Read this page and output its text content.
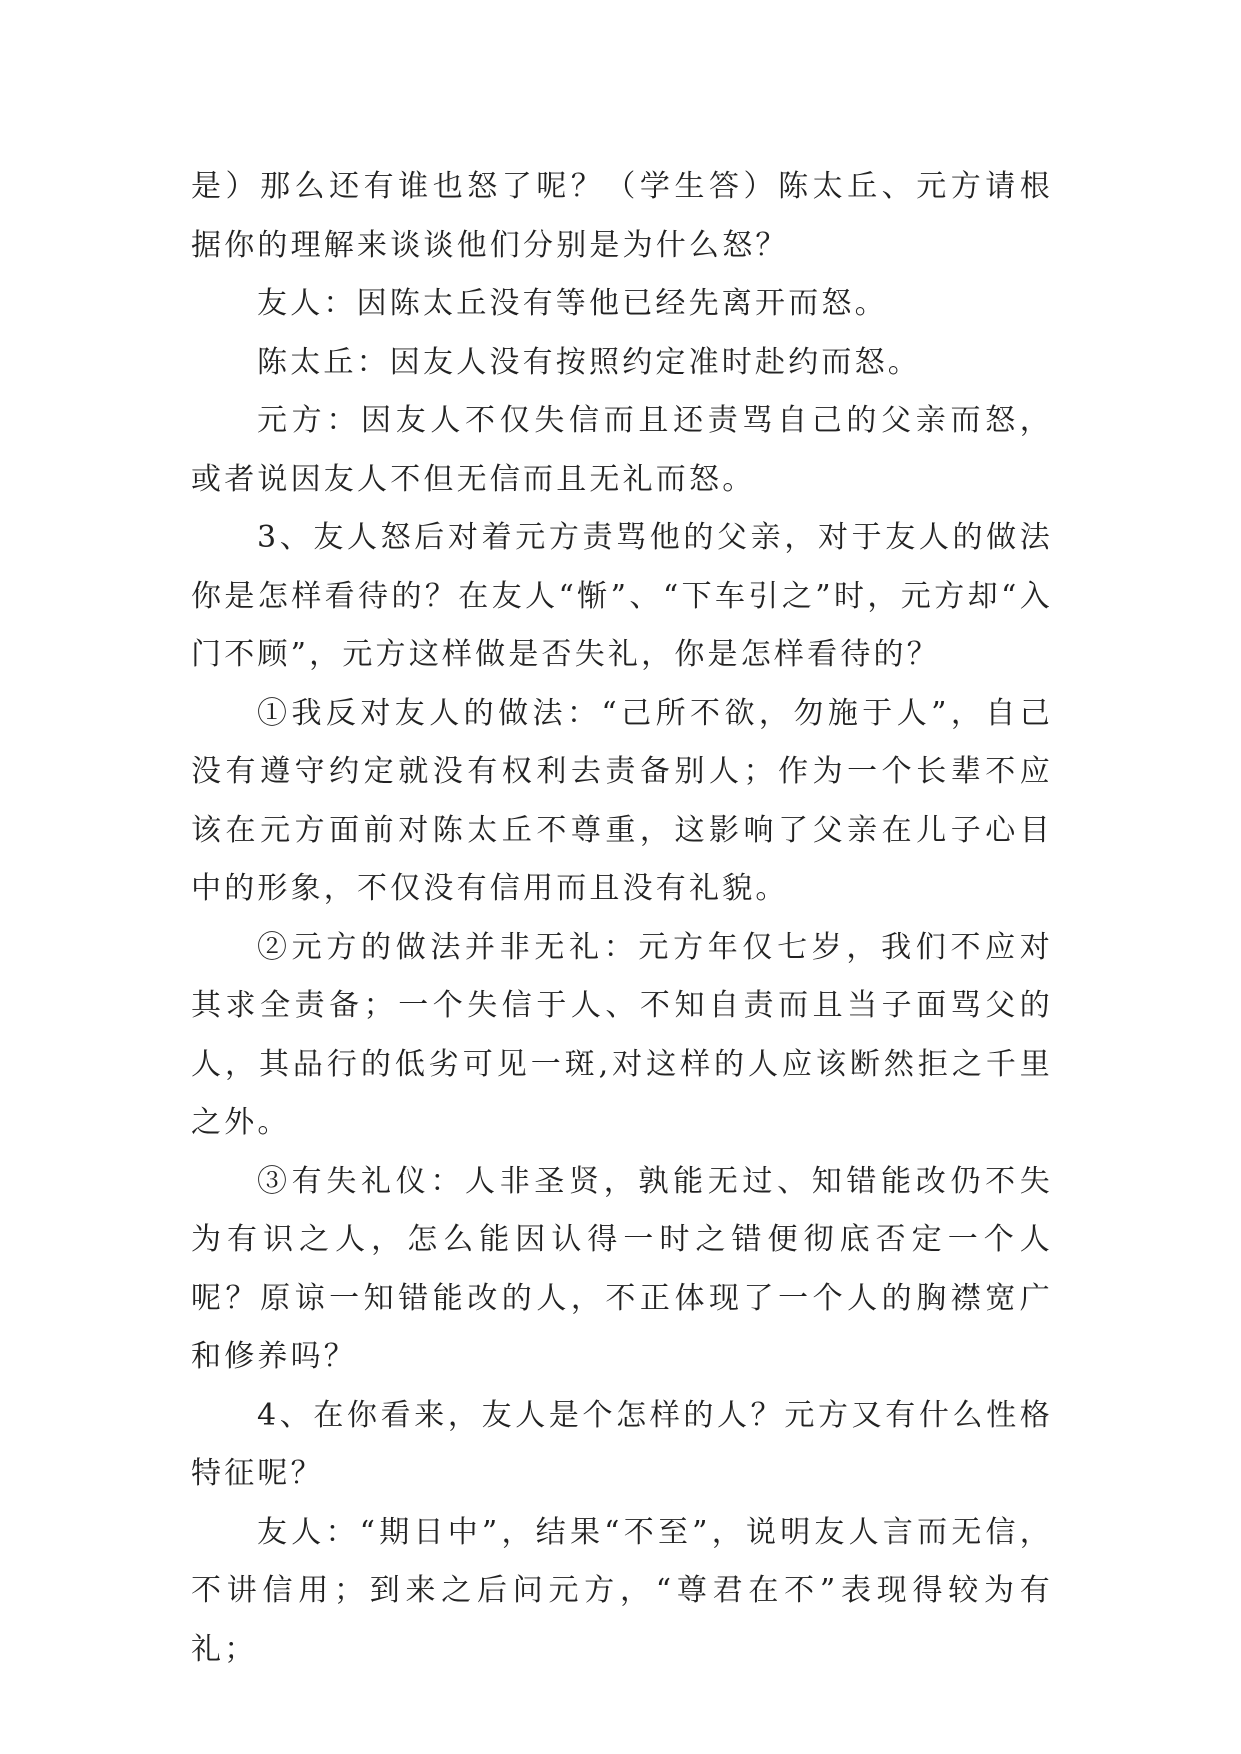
是）那么还有谁也怒了呢？（学生答）陈太丘、元方请根据你的理解来谈谈他们分别是为什么怒？

友人：因陈太丘没有等他已经先离开而怒。

陈太丘：因友人没有按照约定准时赴约而怒。

元方：因友人不仅失信而且还责骂自己的父亲而怒，或者说因友人不但无信而且无礼而怒。

3、友人怒后对着元方责骂他的父亲，对于友人的做法你是怎样看待的？在友人“惭”、“下车引之”时，元方却“入门不顾”，元方这样做是否失礼，你是怎样看待的？

①我反对友人的做法：“己所不欲，勿施于人”，自己没有遵守约定就没有权利去责备别人；作为一个长辈不应该在元方面前对陈太丘不尊重，这影响了父亲在儿子心目中的形象，不仅没有信用而且没有礼貌。

②元方的做法并非无礼：元方年仅七岁，我们不应对其求全责备；一个失信于人、不知自责而且当子面骂父的人，其品行的低劣可见一斑,对这样的人应该断然拒之千里之外。

③有失礼仪：人非圣贤，孰能无过、知错能改仍不失为有识之人，怎么能因认得一时之错便彻底否定一个人呢？原谅一知错能改的人，不正体现了一个人的胸襟宽广和修养吗？

4、在你看来，友人是个怎样的人？元方又有什么性格特征呢？

友人：“期日中”，结果“不至”，说明友人言而无信，不讲信用；到来之后问元方，“尊君在不”表现得较为有礼；
